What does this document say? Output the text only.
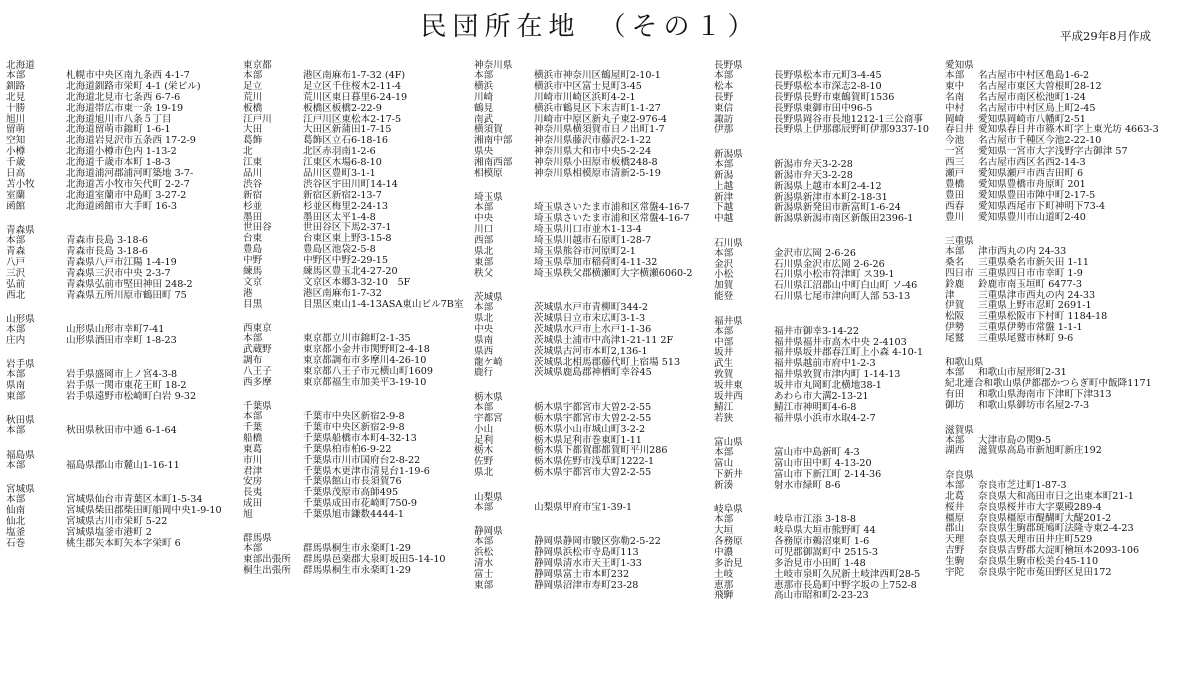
民団所在地　（その１）	平成29年8月作成
北海道
本部	札幌市中央区南九条西 4-1-7
釧路	北海道釧路市栄町 4-1 (栄ビル)
北見	北海道北見市七条西 6-7-6
十勝	北海道帯広市東一条 19-19
旭川	北海道旭川市八条５丁目
留萌	北海道留萌市錦町 1-6-1
空知	北海道岩見沢市五条西 17-2-9
小樽	北海道小樽市色内 1-13-2
千歳	北海道千歳市本町 1-8-3
日高	北海道浦河郡浦河町築地 3-7-
苫小牧	北海道苫小牧市矢代町 2-2-7
室蘭	北海道室蘭市中島町 3-27-2
函館	北海道函館市大手町 16-3
青森県
本部	青森市長島 3-18-6
青森	青森市長島 3-18-6
八戸	青森県八戸市江陽 1-4-19
三沢	青森県三沢市中央 2-3-7
弘前	青森県弘前市堅田神田 248-2
西北	青森県五所川原市鶴田町 75
山形県
本部	山形県山形市幸町7-41
庄内	山形県酒田市幸町 1-8-23
岩手県
本部	岩手県盛岡市上ノ宮4-3-8
県南	岩手県一関市東花王町 18-2
東部	岩手県遠野市松崎町白岩 9-32
秋田県
本部	秋田県秋田市中通 6-1-64
福島県
本部	福島県郡山市麓山1-16-11
宮城県
本部	宮城県仙台市青葉区本町1-5-34
仙南	宮城県柴田郡柴田町船岡中央1-9-10
仙北	宮城県古川市栄町 5-22
塩釜	宮城県塩釜市港町 2
石巻	桃生郡矢本町矢本字栄町 6
東京都
本部	港区南麻布1-7-32 (4F)
足立	足立区千住桜木2-11-4
荒川	荒川区東日暮里6-24-19
板橋	板橋区板橋2-22-9
江戸川	江戸川区東松本2-17-5
大田	大田区新蒲田1-7-15
葛飾	葛飾区立石6-18-16
北	北区赤羽南1-2-6
江東	江東区木場6-8-10
品川	品川区豊町3-1-1
渋谷	渋谷区宇田川町14-14
新宿	新宿区新宿2-13-7
杉並	杉並区梅里2-24-13
墨田	墨田区太平1-4-8
世田谷	世田谷区下馬2-37-1
台東	台東区東上野3-15-8
豊島	豊島区池袋2-5-8
中野	中野区中野2-29-15
練馬	練馬区豊玉北4-27-20
文京	文京区本郷3-32-10　5F
港	港区南麻布1-7-32
目黒	目黒区東山1-4-13ASA東山ビル7B室
西東京
本部	東京都立川市錦町2-1-35
武蔵野	東京都小金井市関野町2-4-18
調布	東京都調布市多摩川4-26-10
八王子	東京都八王子市元横山町1609
西多摩	東京都福生市加美平3-19-10
千葉県
本部	千葉市中央区新宿2-9-8
千葉	千葉市中央区新宿2-9-8
船橋	千葉県船橋市本町4-32-13
東葛	千葉県柏市柏6-9-22
市川	千葉県市川市国府台2-8-22
君津	千葉県木更津市清見台1-19-6
安房	千葉県館山市長須賀76
長夷	千葉県茂原市高師495
成田	千葉県成田市花崎町750-9
旭	千葉県旭市鎌数4444-1
群馬県
本部	群馬県桐生市永楽町1-29
東部出張所	群馬県邑楽郡大泉町坂田5-14-10
桐生出張所	群馬県桐生市永楽町1-29
神奈川県
本部	横浜市神奈川区鶴屋町2-10-1
横浜	横浜市中区富士見町3-45
川崎	川崎市川崎区浜町4-2-1
鶴見	横浜市鶴見区下末吉町1-1-27
南武	川崎市中原区新丸子東2-976-4
横須賀	神奈川県横須賀市日ノ出町1-7
湘南中部	神奈川県藤沢市藤沢2-1-22
県央	神奈川県大和市中央5-2-24
湘南西部	神奈川県小田原市板橋248-8
相模原	神奈川県相模原市清新2-5-19
埼玉県
本部	埼玉県さいたま市浦和区常盤4-16-7
中央	埼玉県さいたま市浦和区常盤4-16-7
川口	埼玉県川口市並木1-13-4
西部	埼玉県川越市石原町1-28-7
県北	埼玉県熊谷市河原町2-1
東部	埼玉県草加市稲荷町4-11-32
秩父	埼玉県秩父郡横瀬町大字横瀬6060-2
茨城県
本部	茨城県水戸市青柳町344-2
県北	茨城県日立市末広町3-1-3
中央	茨城県水戸市上水戸1-1-36
県南	茨城県土浦市中高津1-21-11 2F
県西	茨城県古河市本町2,136-1
龍ケ崎	茨城県北相馬郡藤代町上宿場 513
鹿行	茨城県鹿島郡神栖町幸谷45
栃木県
本部	栃木県宇都宮市大曽2-2-55
宇都宮	栃木県宇都宮市大曽2-2-55
小山	栃木県小山市城山町3-2-2
足利	栃木県足利市巻東町1-11
栃木	栃木県下都賀郡都賀町平川286
佐野	栃木県佐野市浅草町1222-1
県北	栃木県宇都宮市大曽2-2-55
山梨県
本部	山梨県甲府市宝1-39-1
静岡県
本部	静岡県静岡市駿区弥勒2-5-22
浜松	静岡県浜松市寺島町113
清水	静岡県清水市天王町1-33
富士	静岡県富士市本町232
東部	静岡県沼津市寿町23-28
長野県
本部	長野県松本市元町3-4-45
松本	長野県松本市深志2-8-10
長野	長野県長野市東鶴賀町1536
東信	長野県東御市田中96-5
諏訪	長野県岡谷市長地1212-1三公商事
伊那	長野県上伊那郡辰野町伊那9337-10
新潟県
本部	新潟市弁天3-2-28
新潟	新潟市弁天3-2-28
上越	新潟県上越市本町2-4-12
新津	新潟県新津市本町2-18-31
下越	新潟県新発田市新富町1-6-24
中越	新潟県新潟市南区新飯田2396-1
石川県
本部	金沢市広岡 2-6-26
金沢	石川県金沢市広岡 2-6-26
小松	石川県小松市符津町 ス39-1
加賀	石川県江沼郡山中町白山町 ソ-46
能登	石川県七尾市津向町人部 53-13
福井県
本部	福井市御幸3-14-22
中部	福井県福井市高木中央 2-4103
坂井	福井県坂井郡春江町上小森 4-10-1
武生	福井県越前市府中1-2-3
敦賀	福井県敦賀市津内町 1-14-13
坂井東	坂井市丸岡町北横地38-1
坂井西	あわら市大溝2-13-21
鯖江	鯖江市神明町4-6-8
若狭	福井県小浜市水取4-2-7
富山県
本部	富山市中島新町 4-3
富山	富山市田中町 4-13-20
下新井	富山市下新江町 2-14-36
新湊	射水市緑町 8-6
岐阜県
本部	岐阜市江添 3-18-8
大垣	岐阜県大垣市熊野町 44
各務原	各務原市鵜沼東町 1-6
中濃	可児郡御嵩町中 2515-3
多治見	多治見市小田町 1-48
土岐	土岐市泉町久尻新土岐津西町28-5
恵那	恵那市長島町中野字坂の上752-8
飛騨	高山市昭和町2-23-23
愛知県
本部	名古屋市中村区亀島1-6-2
東中	名古屋市東区大曽根町28-12
名南	名古屋市南区松池町1-24
中村	名古屋市中村区鳥上町2-45
岡崎	愛知県岡崎市八幡町2-51
春日井 愛知県春日井市篠木町字上東光坊 4663-3
今池	名古屋市千種区今池2-22-10
一宮	愛知県一宮市大字浅野字古御津 57
西三	名古屋市西区名西2-14-3
瀬戸	愛知県瀬戸市西吉田町 6
豊橋	愛知県豊橋市舟原町 201
豊田	愛知県豊田市陣中町2-17-5
西春	愛知県西尾市下町神明下73-4
豊川	愛知県豊川市山道町2-40
三重県
本部	津市西丸の内 24-33
桑名	三重県桑名市新矢田 1-11
四日市 三重県四日市市幸町 1-9
鈴鹿	鈴鹿市南玉垣町 6477-3
津	三重県津市西丸の内 24-33
伊賀	三重県上野市忍町 2691-1
松阪	三重県松阪市下村町 1184-18
伊勢	三重県伊勢市常盤 1-1-1
尾鷲	三重県尾鷲市林町 9-6
和歌山県
本部	和歌山市屋形町2-31
紀北連合 和歌山県伊都郡かつらぎ町中飯降1171
有田	和歌山県海南市下津町下津313
御坊	和歌山県御坊市名屋2-7-3
滋賀県
本部	大津市島の関9-5
湖西	滋賀県高島市新旭町新庄192
奈良県
本部	奈良市芝辻町1-87-3
北葛	奈良県大和高田市日之出東本町21-1
桜井	奈良県桜井市大字粟殿289-4
橿原	奈良県橿原市醍醐町大醍201-2
郡山	奈良県生駒郡斑鳩町法隆寺東2-4-23
天理	奈良県天理市田井庄町529
吉野	奈良県吉野郡大淀町檜垣本2093-106
生駒	奈良県生駒市松美台45-110
宇陀	奈良県宇陀市菟田野区見田172
